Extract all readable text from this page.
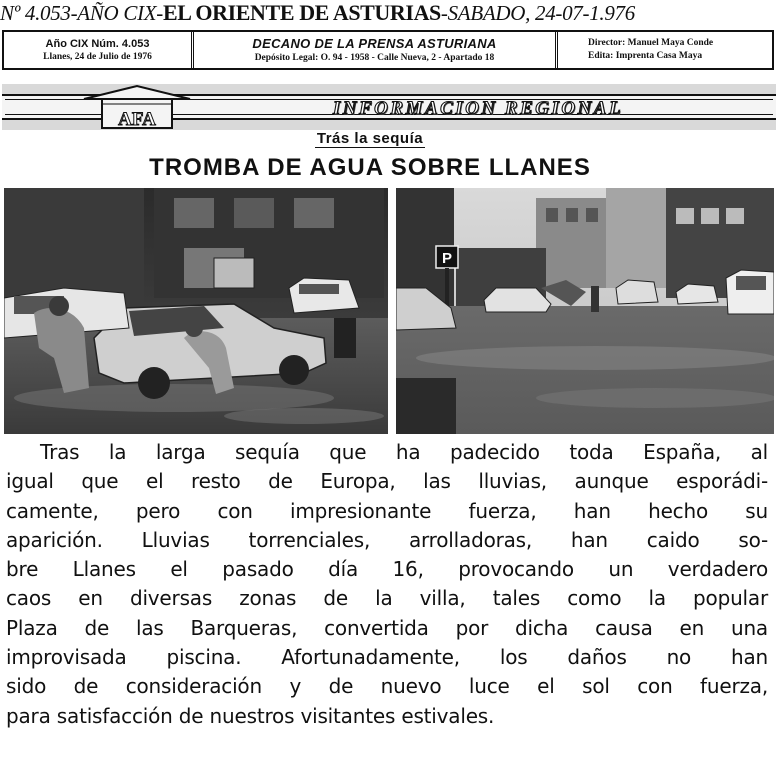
Nº 4.053-AÑO CIX- EL ORIENTE DE ASTURIAS -SABADO, 24-07-1.976
Año CIX Núm. 4.053
Llanes, 24 de Julio de 1976
DECANO DE LA PRENSA ASTURIANA
Depósito Legal: O. 94 - 1958 - Calle Nueva, 2 - Apartado 18
Director: Manuel Maya Conde
Edita: Imprenta Casa Maya
AFA
INFORMACION REGIONAL
Trás la sequía
TROMBA DE AGUA SOBRE LLANES
P
Tras la larga sequía que ha padecido toda España, al
igual que el resto de Europa, las lluvias, aunque esporádi-
camente, pero con impresionante fuerza, han hecho su
aparición. Lluvias torrenciales, arrolladoras, han caido so-
bre Llanes el pasado día 16, provocando un verdadero
caos en diversas zonas de la villa, tales como la popular
Plaza de las Barqueras, convertida por dicha causa en una
improvisada piscina. Afortunadamente, los daños no han
sido de consideración y de nuevo luce el sol con fuerza,
para satisfacción de nuestros visitantes estivales.
